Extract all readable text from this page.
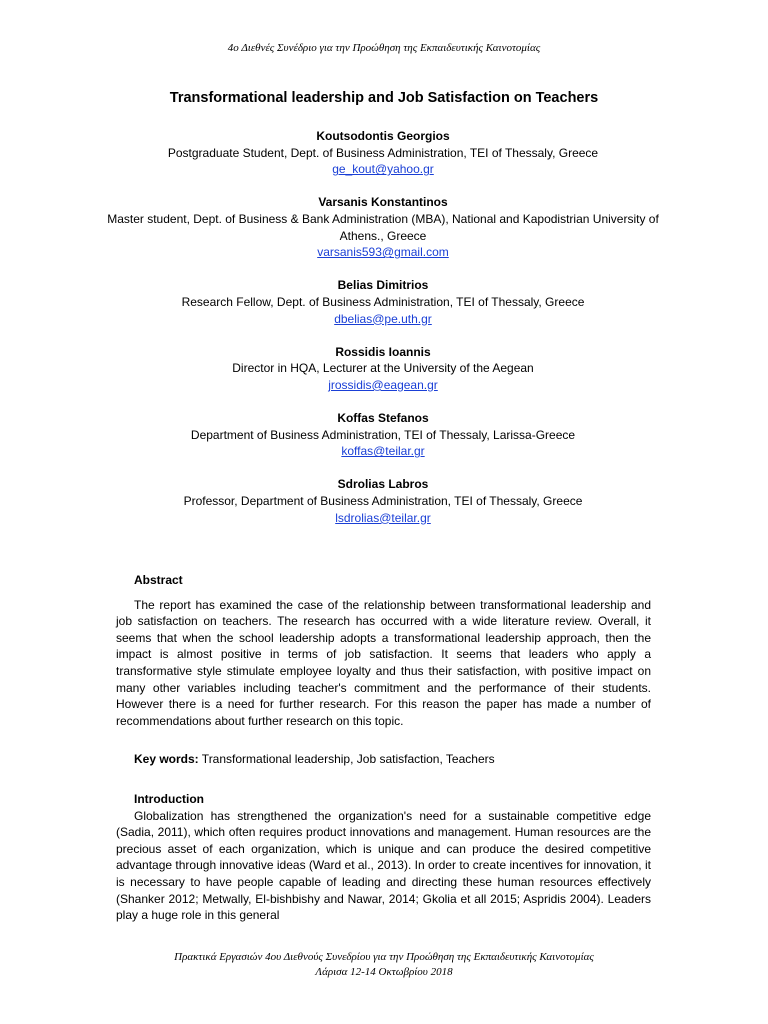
4ο Διεθνές Συνέδριο για την Προώθηση της Εκπαιδευτικής Καινοτομίας
Transformational leadership and Job Satisfaction on Teachers
Koutsodontis Georgios
Postgraduate Student, Dept. of Business Administration, TEI of Thessaly, Greece
ge_kout@yahoo.gr
Varsanis Konstantinos
Master student, Dept. of Business & Bank Administration (MBA), National and Kapodistrian University of Athens., Greece
varsanis593@gmail.com
Belias Dimitrios
Research Fellow, Dept. of Business Administration, TEI of Thessaly, Greece
dbelias@pe.uth.gr
Rossidis Ioannis
Director in HQA, Lecturer at the University of the Aegean
jrossidis@eagean.gr
Koffas Stefanos
Department of Business Administration, TEI of Thessaly, Larissa-Greece
koffas@teilar.gr
Sdrolias Labros
Professor, Department of Business Administration, TEI of Thessaly, Greece
lsdrolias@teilar.gr
Abstract

The report has examined the case of the relationship between transformational leadership and job satisfaction on teachers. The research has occurred with a wide literature review. Overall, it seems that when the school leadership adopts a transformational leadership approach, then the impact is almost positive in terms of job satisfaction. It seems that leaders who apply a transformative style stimulate employee loyalty and thus their satisfaction, with positive impact on many other variables including teacher's commitment and the performance of their students. However there is a need for further research. For this reason the paper has made a number of recommendations about further research on this topic.

Key words: Transformational leadership, Job satisfaction, Teachers
Introduction

Globalization has strengthened the organization's need for a sustainable competitive edge (Sadia, 2011), which often requires product innovations and management. Human resources are the precious asset of each organization, which is unique and can produce the desired competitive advantage through innovative ideas (Ward et al., 2013). In order to create incentives for innovation, it is necessary to have people capable of leading and directing these human resources effectively (Shanker 2012; Metwally, El-bishbishy and Nawar, 2014; Gkolia et all 2015; Aspridis 2004). Leaders play a huge role in this general

Πρακτικά Εργασιών 4ου Διεθνούς Συνεδρίου για την Προώθηση της Εκπαιδευτικής Καινοτομίας
Λάρισα 12-14 Οκτωβρίου 2018
